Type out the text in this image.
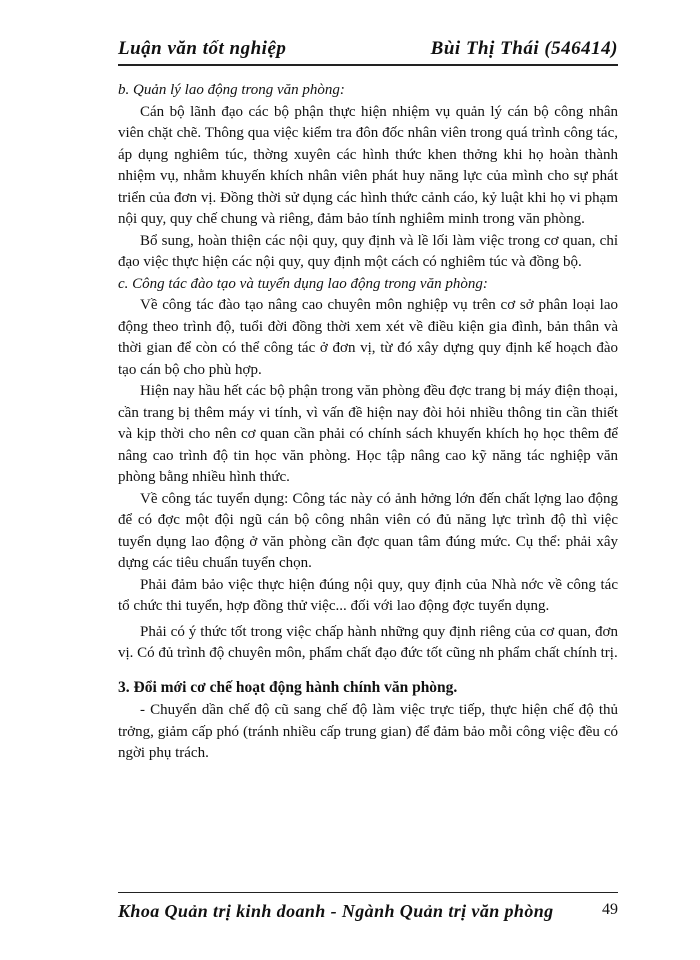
Luận văn tốt nghiệp	Bùi Thị Thái (546414)

b. Quản lý lao động trong văn phòng:

Cán bộ lãnh đạo các bộ phận thực hiện nhiệm vụ quản lý cán bộ công nhân viên chặt chẽ. Thông qua việc kiểm tra đôn đốc nhân viên trong quá trình công tác, áp dụng nghiêm túc, thờng xuyên các hình thức khen thởng khi họ hoàn thành nhiệm vụ, nhằm khuyến khích nhân viên phát huy năng lực của mình cho sự phát triển của đơn vị. Đồng thời sử dụng các hình thức cảnh cáo, kỷ luật khi họ vi phạm nội quy, quy chế chung và riêng, đảm bảo tính nghiêm minh trong văn phòng.

Bổ sung, hoàn thiện các nội quy, quy định và lề lối làm việc trong cơ quan, chỉ đạo việc thực hiện các nội quy, quy định một cách có nghiêm túc và đồng bộ.

c. Công tác đào tạo và tuyển dụng lao động trong văn phòng:

Về công tác đào tạo nâng cao chuyên môn nghiệp vụ trên cơ sở phân loại lao động theo trình độ, tuổi đời đồng thời xem xét về điều kiện gia đình, bản thân và thời gian để còn có thể công tác ở đơn vị, từ đó xây dựng quy định kế hoạch đào tạo cán bộ cho phù hợp.

Hiện nay hầu hết các bộ phận trong văn phòng đều đợc trang bị máy điện thoại, cần trang bị thêm máy vi tính, vì vấn đề hiện nay đòi hỏi nhiều thông tin cần thiết và kịp thời cho nên cơ quan cần phải có chính sách khuyến khích họ học thêm để nâng cao trình độ tin học văn phòng. Học tập nâng cao kỹ năng tác nghiệp văn phòng bằng nhiều hình thức.

Về công tác tuyển dụng: Công tác này có ảnh hởng lớn đến chất lợng lao động để có đợc một đội ngũ cán bộ công nhân viên có đủ năng lực trình độ thì việc tuyển dụng lao động ở văn phòng cần đợc quan tâm đúng mức. Cụ thể: phải xây dựng các tiêu chuẩn tuyển chọn.

Phải đảm bảo việc thực hiện đúng nội quy, quy định của Nhà nớc về công tác tổ chức thi tuyển, hợp đồng thử việc... đối với lao động đợc tuyển dụng.

Phải có ý thức tốt trong việc chấp hành những quy định riêng của cơ quan, đơn vị. Có đủ trình độ chuyên môn, phẩm chất đạo đức tốt cũng nh phẩm chất chính trị.

3. Đổi mới cơ chế hoạt động hành chính văn phòng.

- Chuyển dần chế độ cũ sang chế độ làm việc trực tiếp, thực hiện chế độ thủ trởng, giảm cấp phó (tránh nhiều cấp trung gian) để đảm bảo mỗi công việc đều có ngời phụ trách.

Khoa Quản trị kinh doanh - Ngành Quản trị văn phòng	49
